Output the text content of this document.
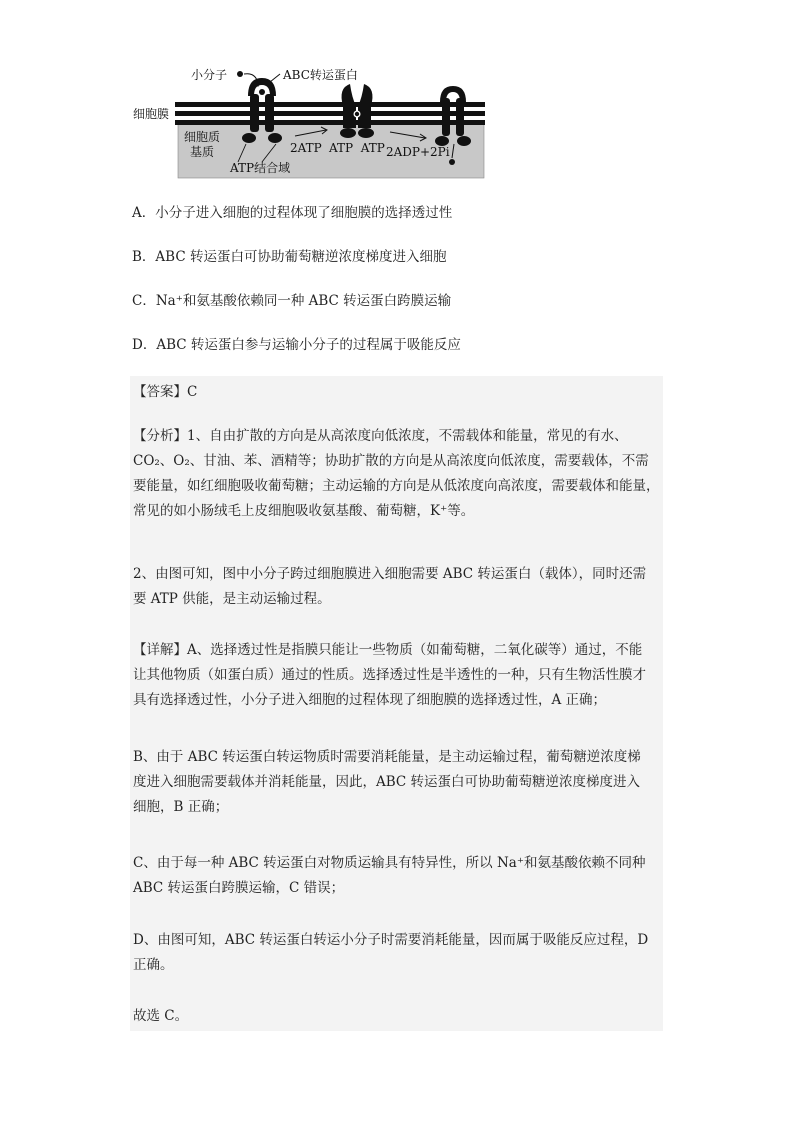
小分子	ABC转运蛋白
细胞膜
细胞质
基质
ATP结合域
2ATP ATP  ATP 2ADP+2Pi
A．小分子进入细胞的过程体现了细胞膜的选择透过性
B．ABC 转运蛋白可协助葡萄糖逆浓度梯度进入细胞
C．Na⁺和氨基酸依赖同一种 ABC 转运蛋白跨膜运输
D．ABC 转运蛋白参与运输小分子的过程属于吸能反应
【答案】C
【分析】1、自由扩散的方向是从高浓度向低浓度，不需载体和能量，常见的有水、
CO₂、O₂、甘油、苯、酒精等；协助扩散的方向是从高浓度向低浓度，需要载体，不需
要能量，如红细胞吸收葡萄糖；主动运输的方向是从低浓度向高浓度，需要载体和能量，
常见的如小肠绒毛上皮细胞吸收氨基酸、葡萄糖，K⁺等。
2、由图可知，图中小分子跨过细胞膜进入细胞需要 ABC 转运蛋白（载体），同时还需
要 ATP 供能，是主动运输过程。
【详解】A、选择透过性是指膜只能让一些物质（如葡萄糖，二氧化碳等）通过，不能
让其他物质（如蛋白质）通过的性质。选择透过性是半透性的一种，只有生物活性膜才
具有选择透过性，小分子进入细胞的过程体现了细胞膜的选择透过性，A 正确；
B、由于 ABC 转运蛋白转运物质时需要消耗能量，是主动运输过程，葡萄糖逆浓度梯
度进入细胞需要载体并消耗能量，因此，ABC 转运蛋白可协助葡萄糖逆浓度梯度进入
细胞，B 正确；
C、由于每一种 ABC 转运蛋白对物质运输具有特异性，所以 Na⁺和氨基酸依赖不同种
ABC 转运蛋白跨膜运输，C 错误；
D、由图可知，ABC 转运蛋白转运小分子时需要消耗能量，因而属于吸能反应过程，D
正确。
故选 C。
